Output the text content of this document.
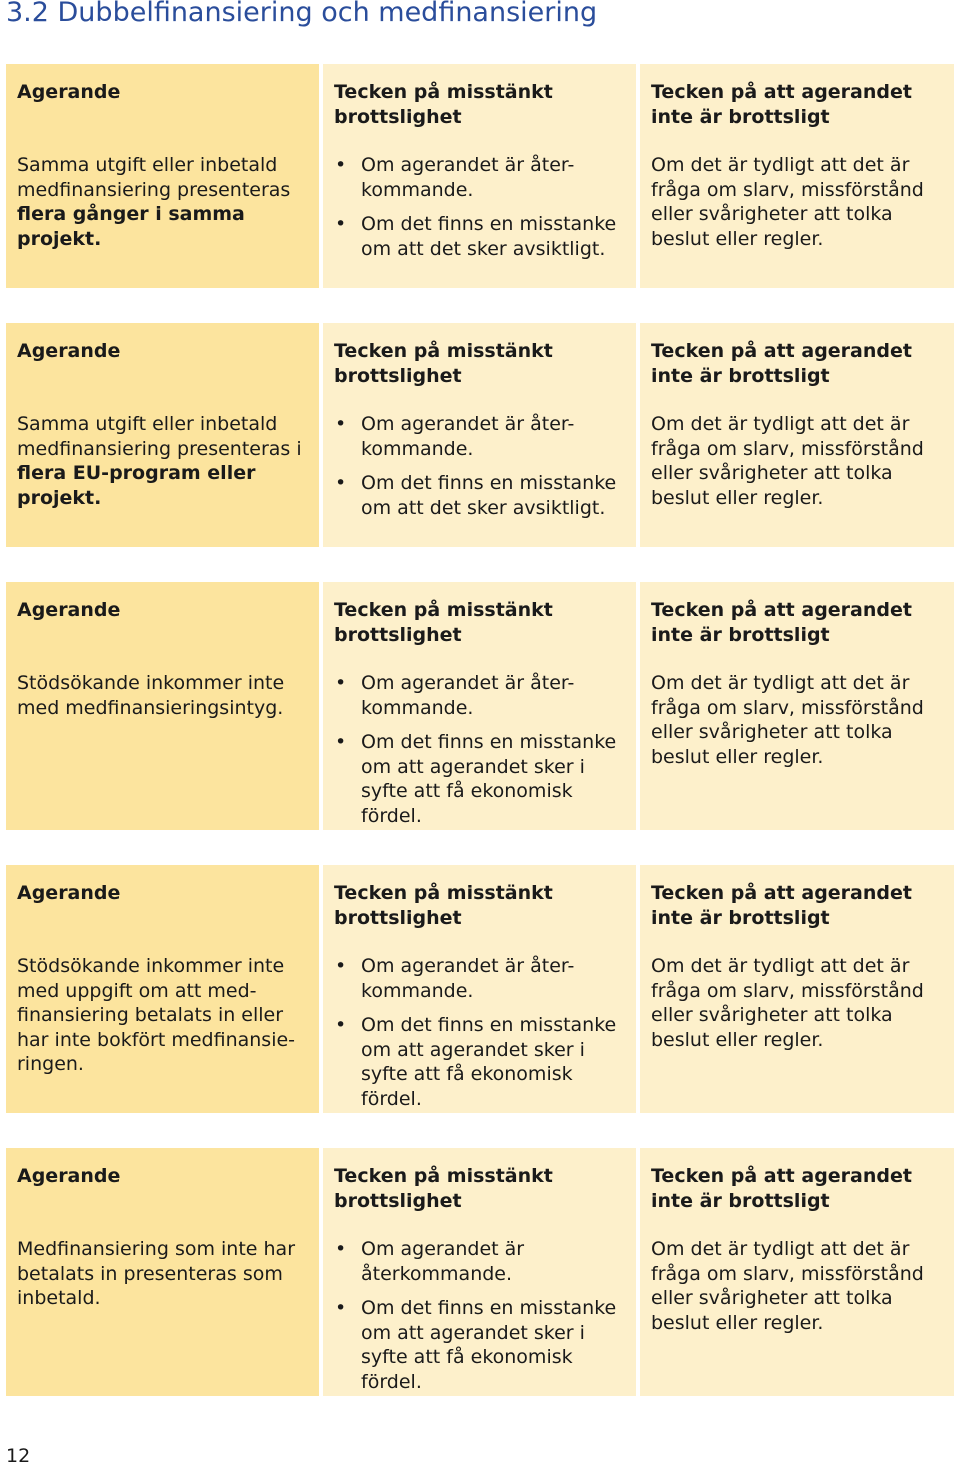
3.2 Dubbelfinansiering och medfinansiering

Agerande

Samma utgift eller inbetald medfinansiering presenteras flera gånger i samma projekt.

Tecken på misstänkt brottslighet

• Om agerandet är åter-kommande.
• Om det finns en misstanke om att det sker avsiktligt.

Tecken på att agerandet inte är brottsligt

Om det är tydligt att det är fråga om slarv, missförstånd eller svårigheter att tolka beslut eller regler.

Agerande

Samma utgift eller inbetald medfinansiering presenteras i flera EU-program eller projekt.

Tecken på misstänkt brottslighet

• Om agerandet är åter-kommande.
• Om det finns en misstanke om att det sker avsiktligt.

Tecken på att agerandet inte är brottsligt

Om det är tydligt att det är fråga om slarv, missförstånd eller svårigheter att tolka beslut eller regler.

Agerande

Stödsökande inkommer inte med medfinansieringsintyg.

Tecken på misstänkt brottslighet

• Om agerandet är åter-kommande.
• Om det finns en misstanke om att agerandet sker i syfte att få ekonomisk fördel.

Tecken på att agerandet inte är brottsligt

Om det är tydligt att det är fråga om slarv, missförstånd eller svårigheter att tolka beslut eller regler.

Agerande

Stödsökande inkommer inte med uppgift om att med-finansiering betalats in eller har inte bokfört medfinansie-ringen.

Tecken på misstänkt brottslighet

• Om agerandet är åter-kommande.
• Om det finns en misstanke om att agerandet sker i syfte att få ekonomisk fördel.

Tecken på att agerandet inte är brottsligt

Om det är tydligt att det är fråga om slarv, missförstånd eller svårigheter att tolka beslut eller regler.

Agerande

Medfinansiering som inte har betalats in presenteras som inbetald.

Tecken på misstänkt brottslighet

• Om agerandet är återkommande.
• Om det finns en misstanke om att agerandet sker i syfte att få ekonomisk fördel.

Tecken på att agerandet inte är brottsligt

Om det är tydligt att det är fråga om slarv, missförstånd eller svårigheter att tolka beslut eller regler.

12
